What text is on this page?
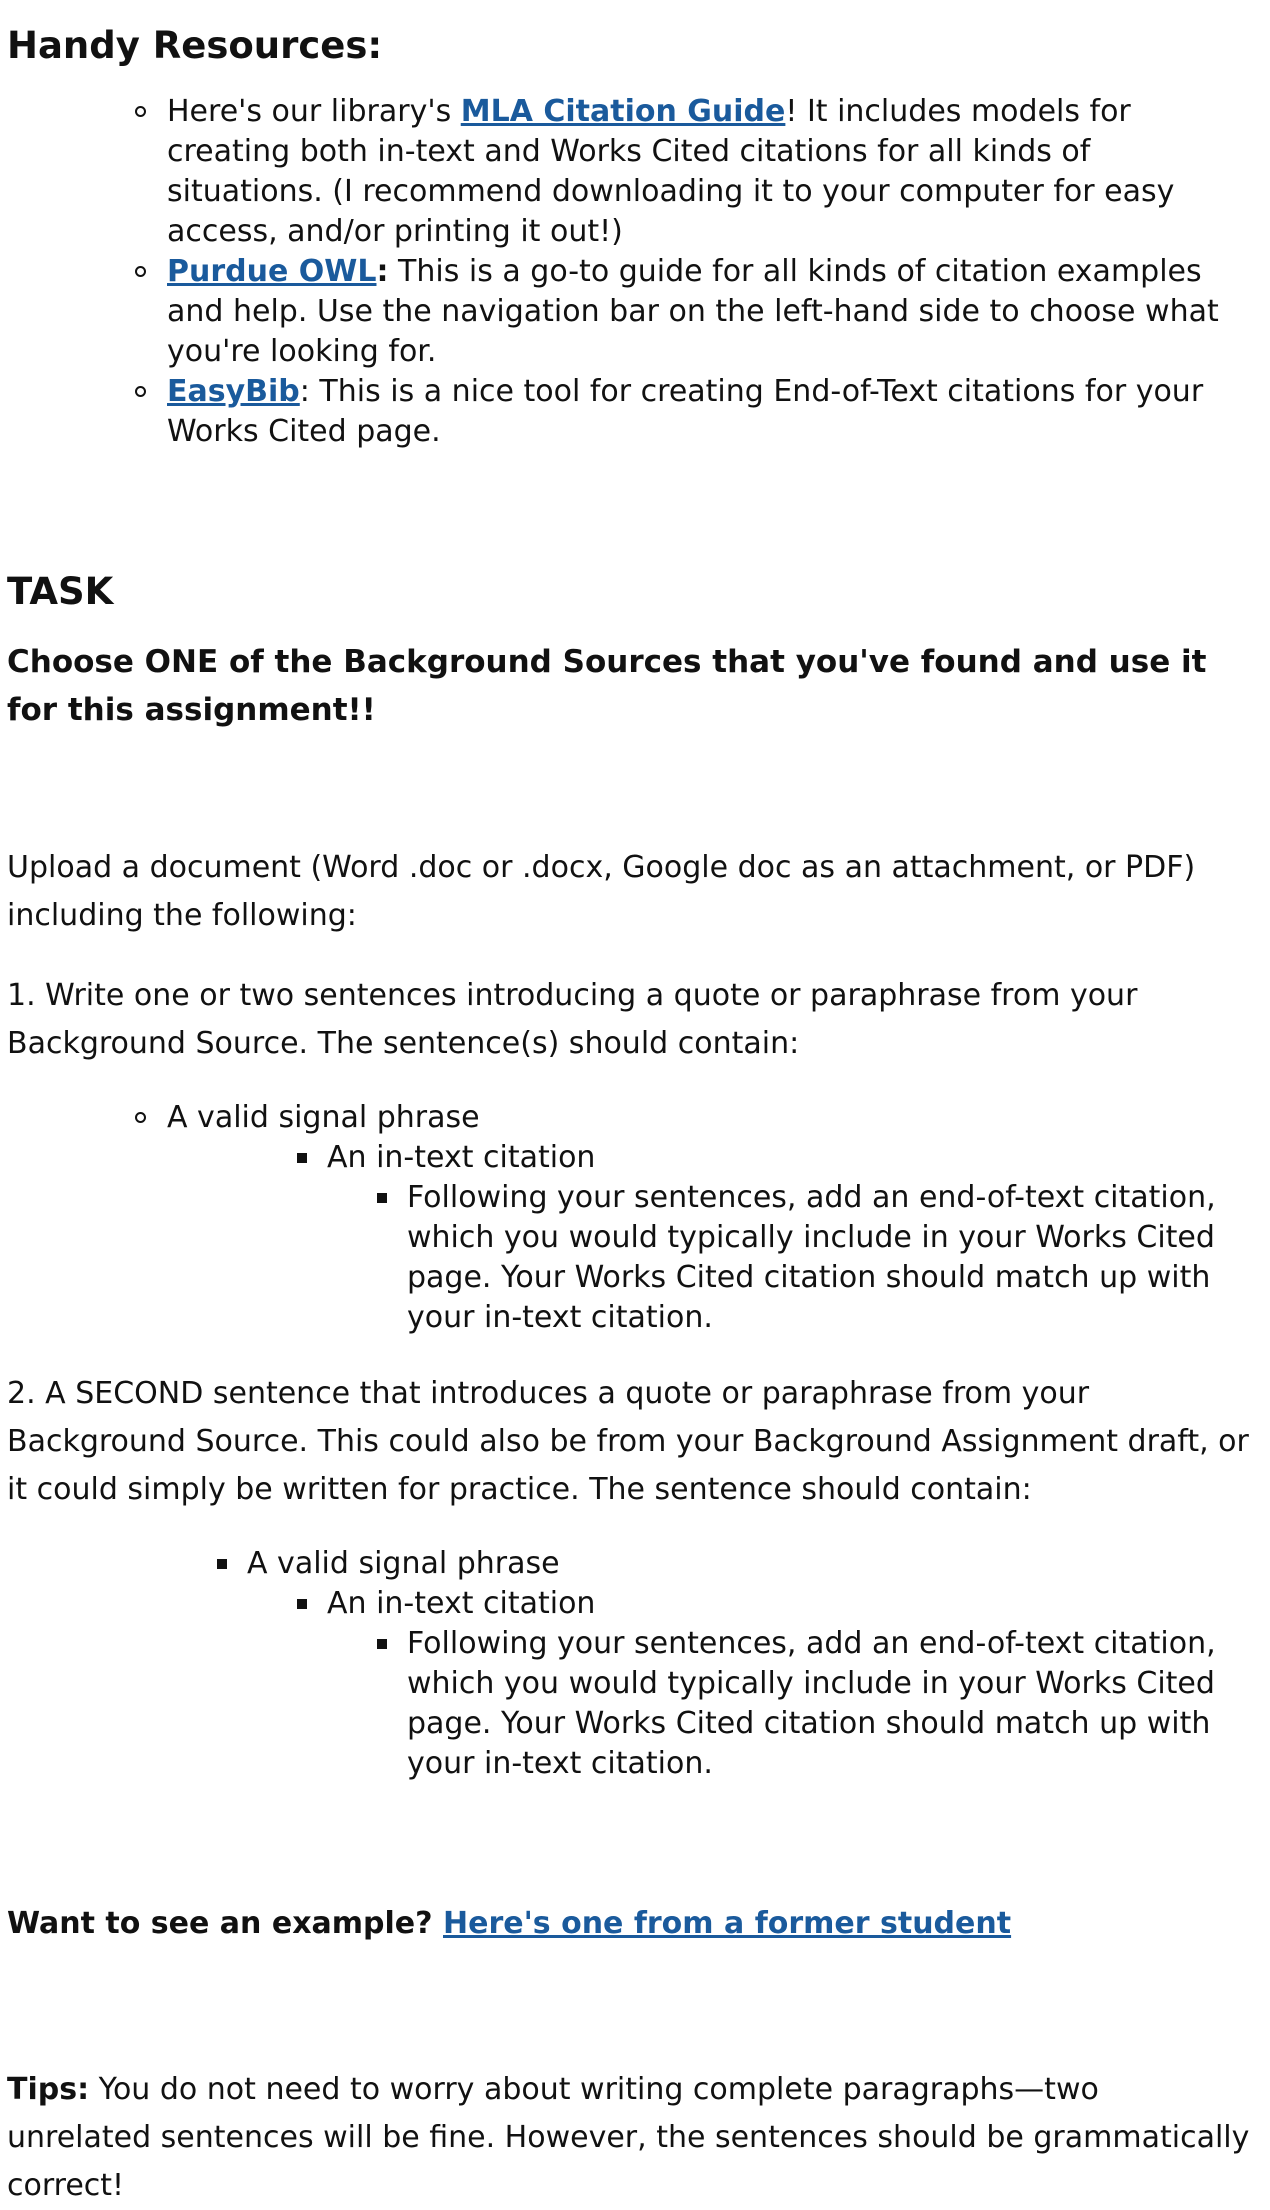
Handy Resources:
Here's our library's MLA Citation Guide! It includes models for creating both in-text and Works Cited citations for all kinds of situations. (I recommend downloading it to your computer for easy access, and/or printing it out!)
Purdue OWL: This is a go-to guide for all kinds of citation examples and help. Use the navigation bar on the left-hand side to choose what you're looking for.
EasyBib: This is a nice tool for creating End-of-Text citations for your Works Cited page.
TASK

Choose ONE of the Background Sources that you've found and use it for this assignment!!

Upload a document (Word .doc or .docx, Google doc as an attachment, or PDF) including the following:

1. Write one or two sentences introducing a quote or paraphrase from your Background Source. The sentence(s) should contain:

A valid signal phrase
An in-text citation
Following your sentences, add an end-of-text citation, which you would typically include in your Works Cited page. Your Works Cited citation should match up with your in-text citation.

2. A SECOND sentence that introduces a quote or paraphrase from your Background Source. This could also be from your Background Assignment draft, or it could simply be written for practice. The sentence should contain:

A valid signal phrase
An in-text citation
Following your sentences, add an end-of-text citation, which you would typically include in your Works Cited page. Your Works Cited citation should match up with your in-text citation.

Want to see an example? Here's one from a former student

Tips: You do not need to worry about writing complete paragraphs—two unrelated sentences will be fine. However, the sentences should be grammatically correct!
